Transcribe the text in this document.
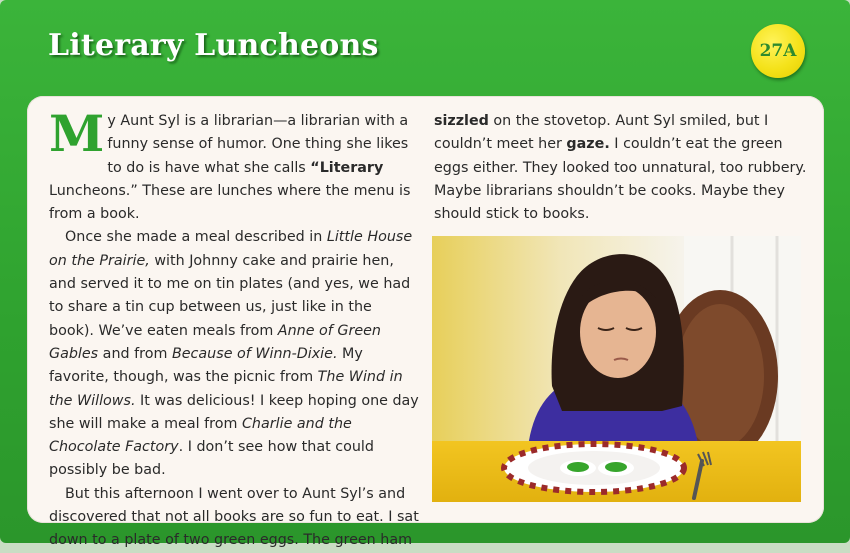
Literary Luncheons	27A

My Aunt Syl is a librarian—a librarian with a funny sense of humor. One thing she likes to do is have what she calls “Literary Luncheons.” These are lunches where the menu is from a book.

Once she made a meal described in Little House on the Prairie, with Johnny cake and prairie hen, and served it to me on tin plates (and yes, we had to share a tin cup between us, just like in the book). We’ve eaten meals from Anne of Green Gables and from Because of Winn-Dixie. My favorite, though, was the picnic from The Wind in the Willows. It was delicious! I keep hoping one day she will make a meal from Charlie and the Chocolate Factory. I don’t see how that could possibly be bad.

But this afternoon I went over to Aunt Syl’s and discovered that not all books are so fun to eat. I sat down to a plate of two green eggs. The green ham

sizzled on the stovetop. Aunt Syl smiled, but I couldn’t meet her gaze. I couldn’t eat the green eggs either. They looked too unnatural, too rubbery. Maybe librarians shouldn’t be cooks. Maybe they should stick to books.
